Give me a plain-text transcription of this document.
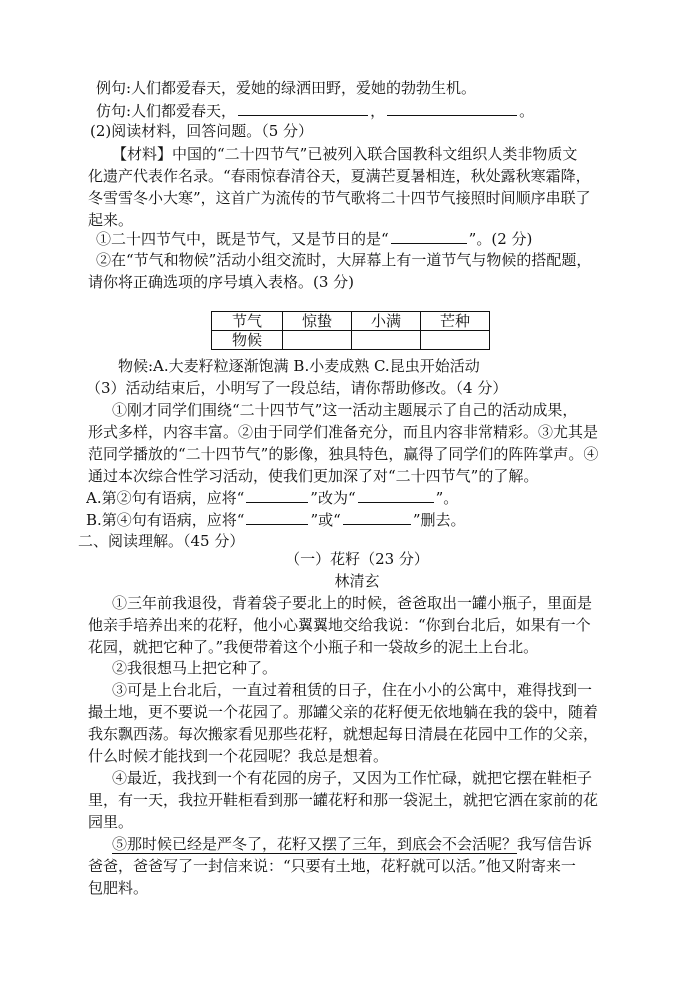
例句:人们都爱春天，爱她的绿洒田野，爱她的勃勃生机。
仿句:人们都爱春天，	，	。
(2)阅读材料，回答问题。（5 分）
【材料】中国的“二十四节气”已被列入联合国教科文组织人类非物质文
化遗产代表作名录。“春雨惊春清谷天，夏满芒夏暑相连，秋处露秋寒霜降，
冬雪雪冬小大寒”，这首广为流传的节气歌将二十四节气接照时间顺序串联了
起来。
①二十四节气中，既是节气，又是节日的是“	”。(2 分)
②在“节气和物候”活动小组交流时，大屏幕上有一道节气与物候的搭配题，
请你将正确选项的序号填入表格。(3 分)
节气	惊蛰	小满	芒种
物候			
物候:A.大麦籽粒逐渐饱满 B.小麦成熟 C.昆虫开始活动
（3）活动结束后，小明写了一段总结，请你帮助修改。（4 分）
①刚才同学们围绕“二十四节气”这一活动主题展示了自己的活动成果，
形式多样，内容丰富。②由于同学们准备充分，而且内容非常精彩。③尤其是
范同学播放的“二十四节气”的影像，独具特色，赢得了同学们的阵阵掌声。④
通过本次综合性学习活动，使我们更加深了对“二十四节气”的了解。
A.第②句有语病，应将“	”改为“	”。
B.第④句有语病，应将“	”或“	”删去。
二、阅读理解。（45 分）
（一）花籽（23 分）
林清玄
①三年前我退役，背着袋子要北上的时候，爸爸取出一罐小瓶子，里面是
他亲手培养出来的花籽，他小心翼翼地交给我说：“你到台北后，如果有一个
花园，就把它种了。”我便带着这个小瓶子和一袋故乡的泥土上台北。
②我很想马上把它种了。
③可是上台北后，一直过着租赁的日子，住在小小的公寓中，难得找到一
撮土地，更不要说一个花园了。那罐父亲的花籽便无依地躺在我的袋中，随着
我东飘西荡。每次搬家看见那些花籽，就想起每日清晨在花园中工作的父亲，
什么时候才能找到一个花园呢？我总是想着。
④最近，我找到一个有花园的房子，又因为工作忙碌，就把它摆在鞋柜子
里，有一天，我拉开鞋柜看到那一罐花籽和那一袋泥土，就把它洒在家前的花
园里。
⑤那时候已经是严冬了，花籽又摆了三年，到底会不会活呢？我写信告诉
爸爸，爸爸写了一封信来说：“只要有土地，花籽就可以活。”他又附寄来一
包肥料。
